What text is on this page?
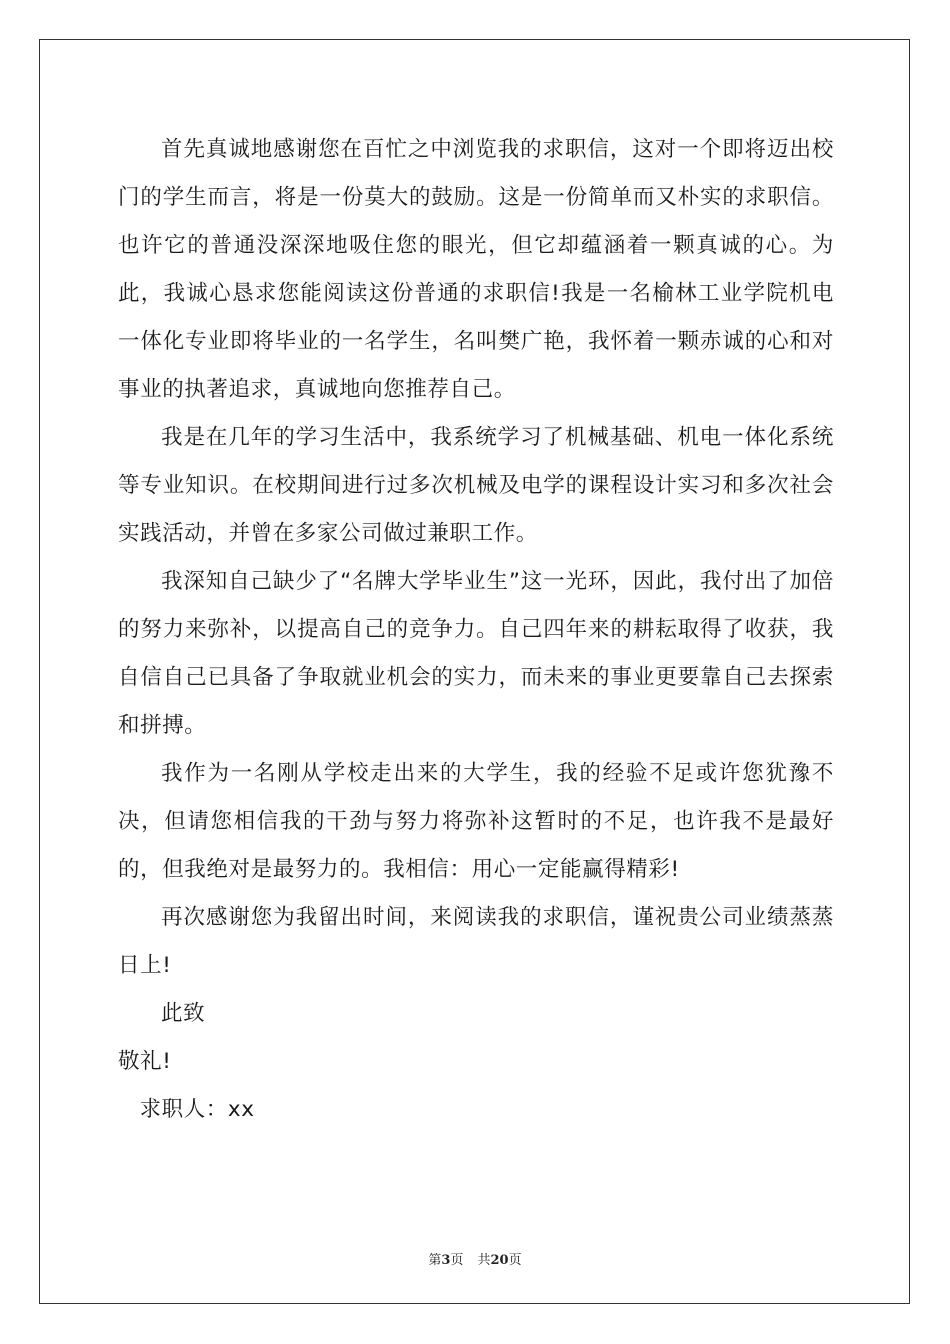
首先真诚地感谢您在百忙之中浏览我的求职信，这对一个即将迈出校门的学生而言，将是一份莫大的鼓励。这是一份简单而又朴实的求职信。也许它的普通没深深地吸住您的眼光，但它却蕴涵着一颗真诚的心。为此，我诚心恳求您能阅读这份普通的求职信!我是一名榆林工业学院机电一体化专业即将毕业的一名学生，名叫樊广艳，我怀着一颗赤诚的心和对事业的执著追求，真诚地向您推荐自己。

我是在几年的学习生活中，我系统学习了机械基础、机电一体化系统等专业知识。在校期间进行过多次机械及电学的课程设计实习和多次社会实践活动，并曾在多家公司做过兼职工作。

我深知自己缺少了“名牌大学毕业生”这一光环，因此，我付出了加倍的努力来弥补，以提高自己的竞争力。自己四年来的耕耘取得了收获，我自信自己已具备了争取就业机会的实力，而未来的事业更要靠自己去探索和拼搏。

我作为一名刚从学校走出来的大学生，我的经验不足或许您犹豫不决，但请您相信我的干劲与努力将弥补这暂时的不足，也许我不是最好的，但我绝对是最努力的。我相信：用心一定能赢得精彩!

再次感谢您为我留出时间，来阅读我的求职信，谨祝贵公司业绩蒸蒸日上!

此致

敬礼!

求职人：xx

第3页 共20页
